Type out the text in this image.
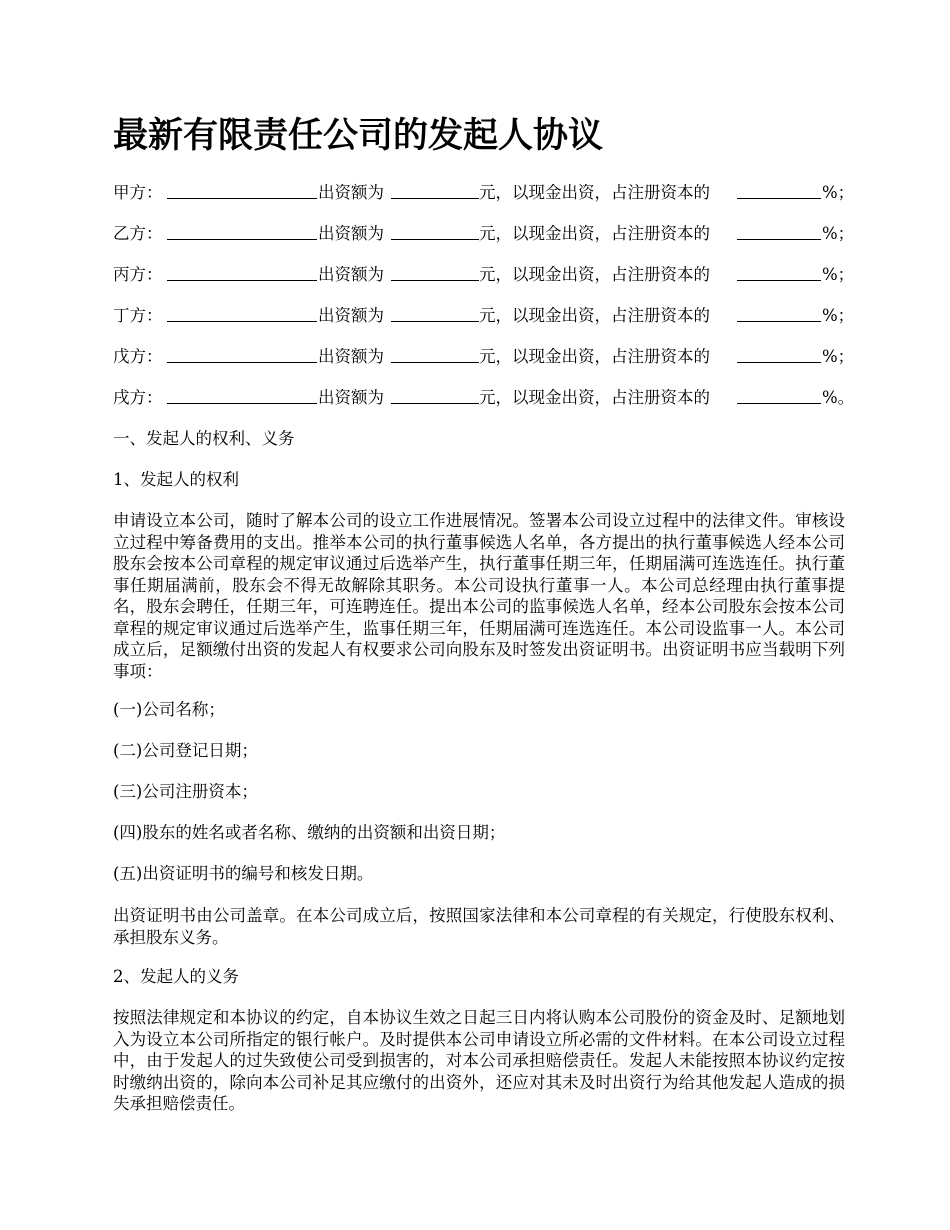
最新有限责任公司的发起人协议
甲方：	出资额为	元，以现金出资，占注册资本的	%；
乙方：	出资额为	元，以现金出资，占注册资本的	%；
丙方：	出资额为	元，以现金出资，占注册资本的	%；
丁方：	出资额为	元，以现金出资，占注册资本的	%；
戊方：	出资额为	元，以现金出资，占注册资本的	%；
戌方：	出资额为	元，以现金出资，占注册资本的	%。

一、发起人的权利、义务

1、发起人的权利

申请设立本公司，随时了解本公司的设立工作进展情况。签署本公司设立过程中的法律文件。审核设立过程中筹备费用的支出。推举本公司的执行董事候选人名单，各方提出的执行董事候选人经本公司股东会按本公司章程的规定审议通过后选举产生，执行董事任期三年，任期届满可连选连任。执行董事任期届满前，股东会不得无故解除其职务。本公司设执行董事一人。本公司总经理由执行董事提名，股东会聘任，任期三年，可连聘连任。提出本公司的监事候选人名单，经本公司股东会按本公司章程的规定审议通过后选举产生，监事任期三年，任期届满可连选连任。本公司设监事一人。本公司成立后，足额缴付出资的发起人有权要求公司向股东及时签发出资证明书。出资证明书应当载明下列事项：

(一)公司名称；

(二)公司登记日期；

(三)公司注册资本；

(四)股东的姓名或者名称、缴纳的出资额和出资日期；

(五)出资证明书的编号和核发日期。

出资证明书由公司盖章。在本公司成立后，按照国家法律和本公司章程的有关规定，行使股东权利、承担股东义务。

2、发起人的义务

按照法律规定和本协议的约定，自本协议生效之日起三日内将认购本公司股份的资金及时、足额地划入为设立本公司所指定的银行帐户。及时提供本公司申请设立所必需的文件材料。在本公司设立过程中，由于发起人的过失致使公司受到损害的，对本公司承担赔偿责任。发起人未能按照本协议约定按时缴纳出资的，除向本公司补足其应缴付的出资外，还应对其未及时出资行为给其他发起人造成的损失承担赔偿责任。
